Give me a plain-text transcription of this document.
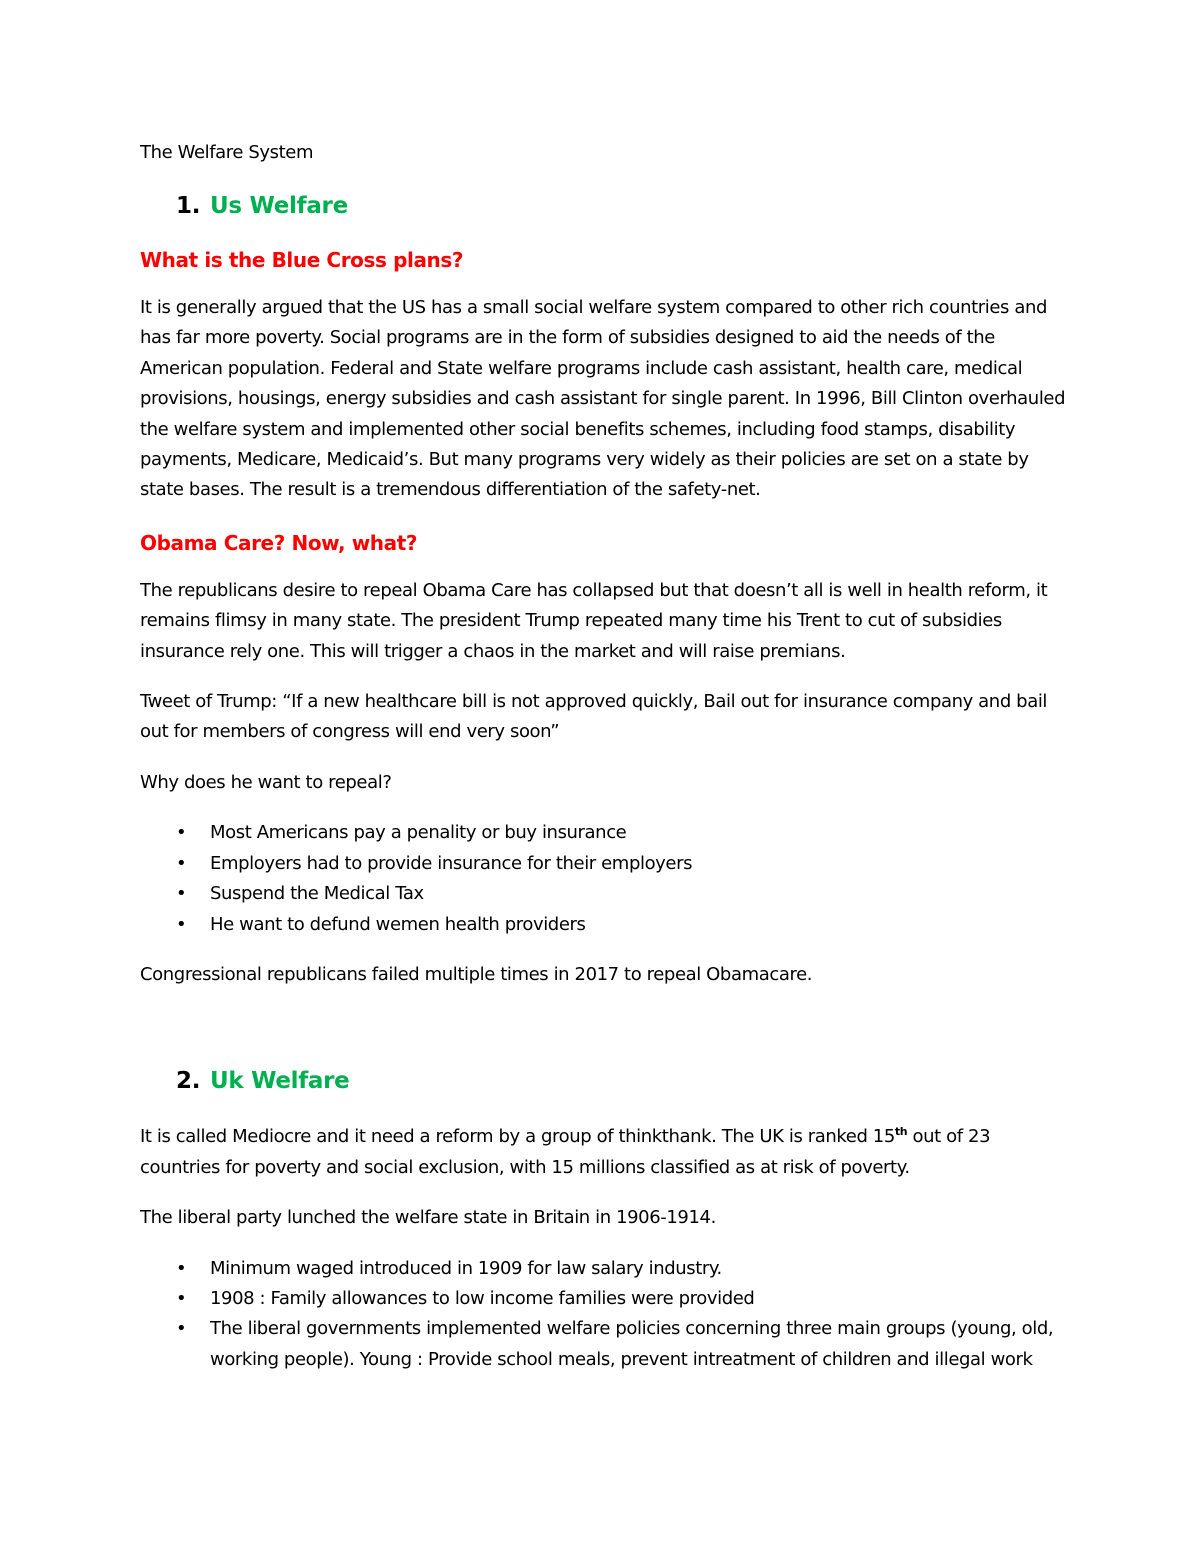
The Welfare System

1. Us Welfare

What is the Blue Cross plans?

It is generally argued that the US has a small social welfare system compared to other rich countries and has far more poverty. Social programs are in the form of subsidies designed to aid the needs of the American population. Federal and State welfare programs include cash assistant, health care, medical provisions, housings, energy subsidies and cash assistant for single parent. In 1996, Bill Clinton overhauled the welfare system and implemented other social benefits schemes, including food stamps, disability payments, Medicare, Medicaid’s. But many programs very widely as their policies are set on a state by state bases. The result is a tremendous differentiation of the safety-net.

Obama Care? Now, what?

The republicans desire to repeal Obama Care has collapsed but that doesn’t all is well in health reform, it remains flimsy in many state. The president Trump repeated many time his Trent to cut of subsidies insurance rely one. This will trigger a chaos in the market and will raise premians.

Tweet of Trump: “If a new healthcare bill is not approved quickly, Bail out for insurance company and bail out for members of congress will end very soon”

Why does he want to repeal?

•	Most Americans pay a penality or buy insurance
•	Employers had to provide insurance for their employers
•	Suspend the Medical Tax
•	He want to defund wemen health providers

Congressional republicans failed multiple times in 2017 to repeal Obamacare.

2. Uk Welfare

It is called Mediocre and it need a reform by a group of thinkthank. The UK is ranked 15th out of 23 countries for poverty and social exclusion, with 15 millions classified as at risk of poverty.

The liberal party lunched the welfare state in Britain in 1906-1914.

•	Minimum waged introduced in 1909 for law salary industry.
•	1908 : Family allowances to low income families were provided
•	The liberal governments implemented welfare policies concerning three main groups (young, old, working people). Young : Provide school meals, prevent intreatment of children and illegal work
